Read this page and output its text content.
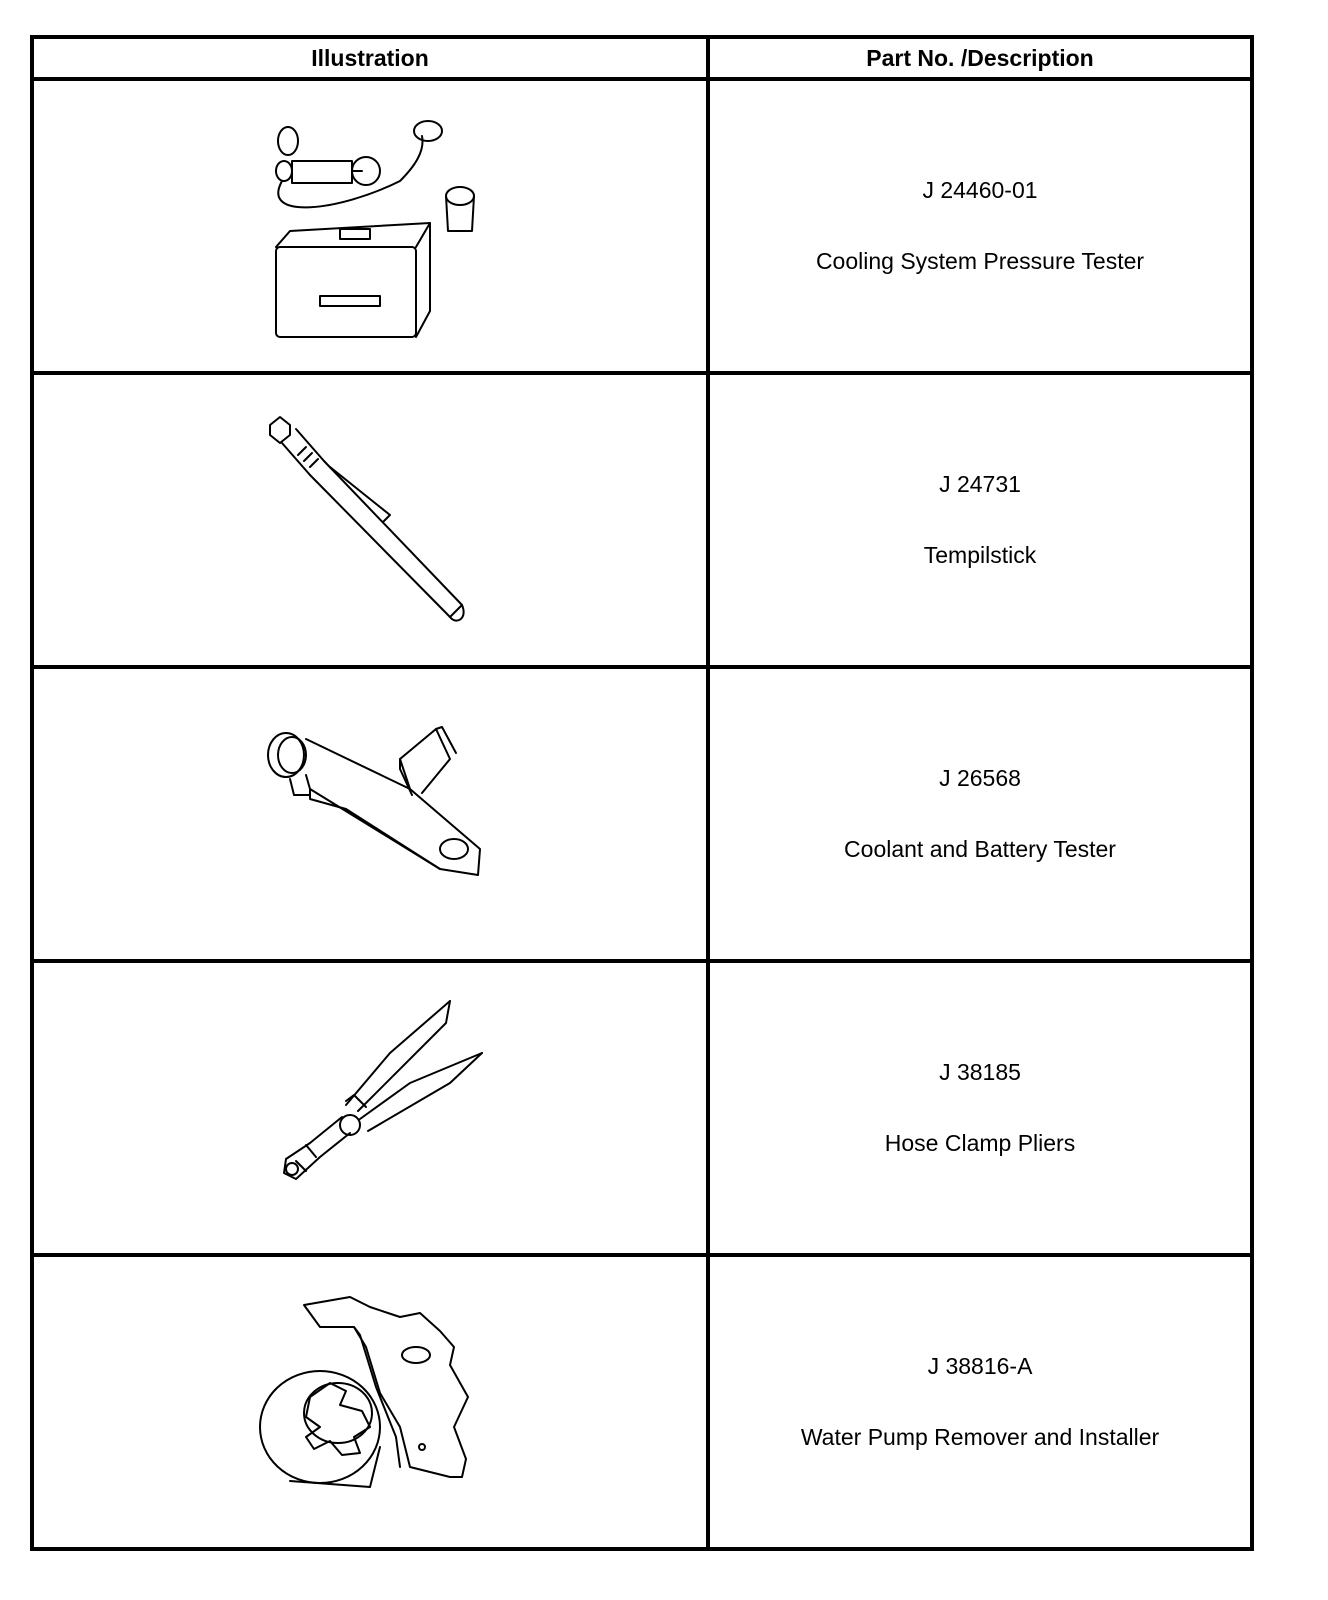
Illustration	Part No. /Description

J 24460-01
Cooling System Pressure Tester

J 24731
Tempilstick

J 26568
Coolant and Battery Tester

J 38185
Hose Clamp Pliers

J 38816-A
Water Pump Remover and Installer
